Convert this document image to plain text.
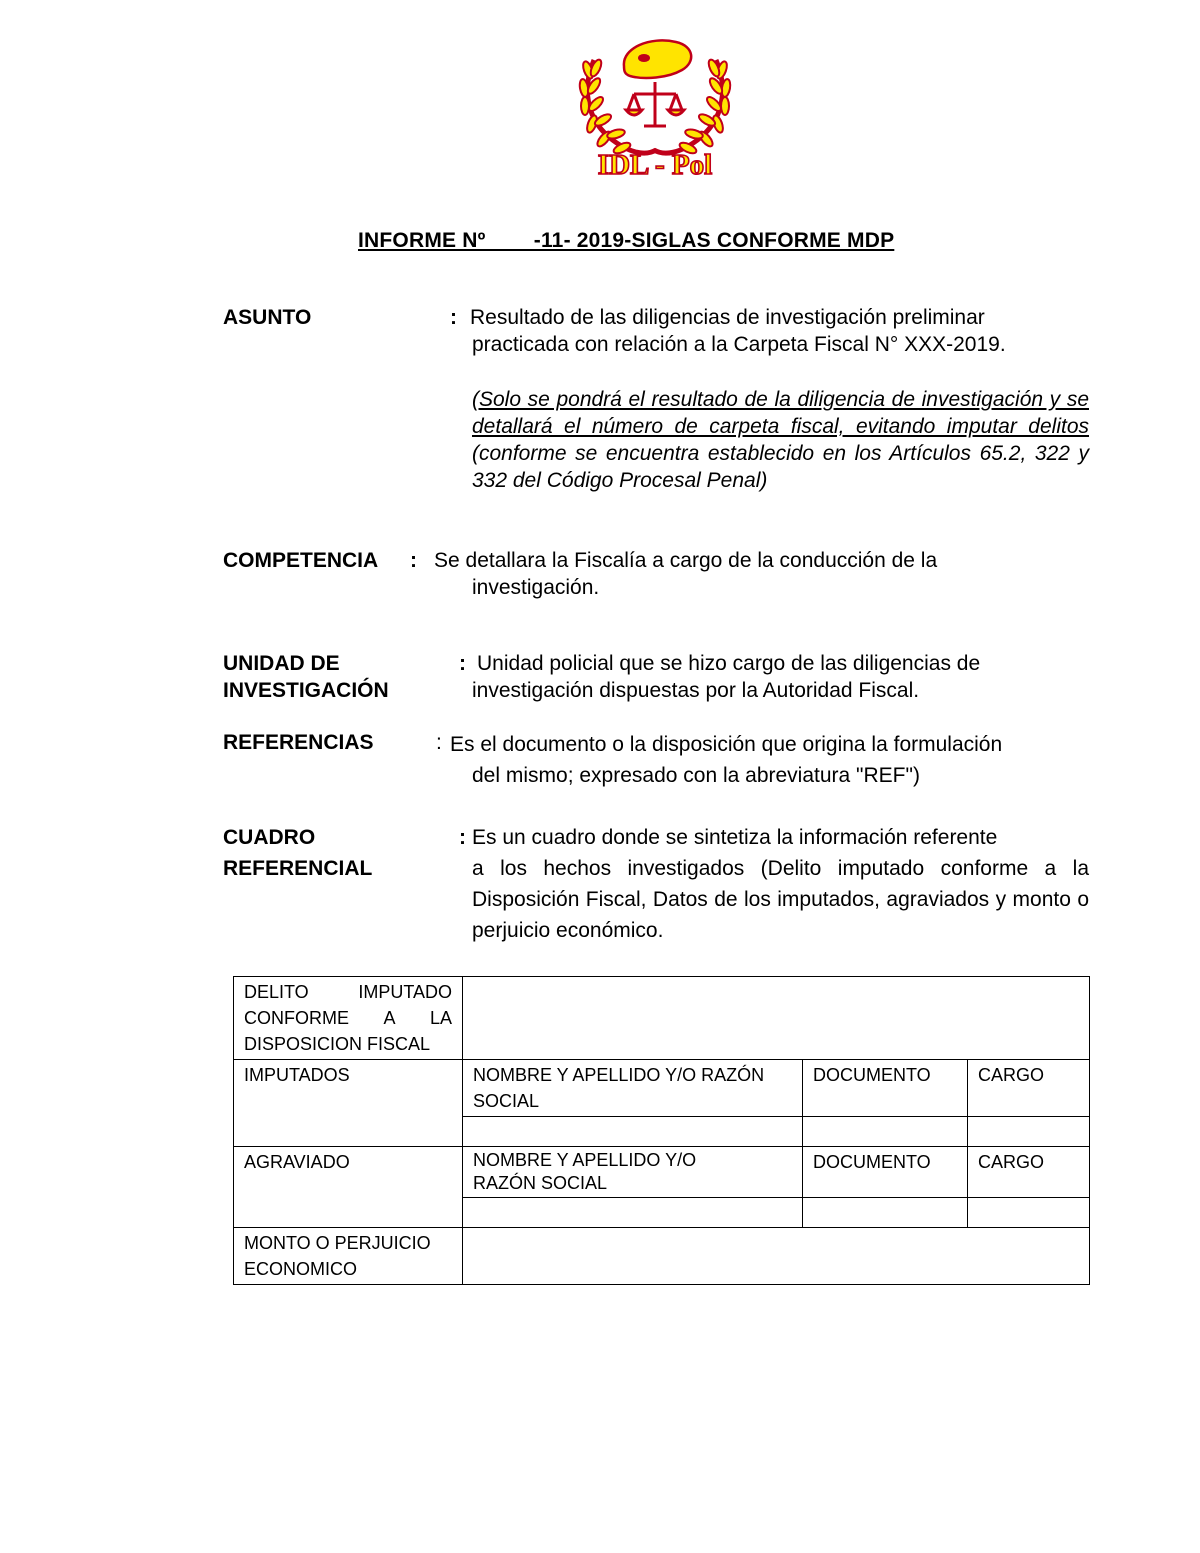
IDL - Pol
INFORME Nº        -11- 2019-SIGLAS CONFORME MDP
ASUNTO	: Resultado de las diligencias de investigación preliminar
practicada con relación a la Carpeta Fiscal N° XXX-2019.
(Solo se pondrá el resultado de la diligencia de investigación y se detallará el número de carpeta fiscal, evitando imputar delitos (conforme se encuentra establecido en los Artículos 65.2, 322 y 332 del Código Procesal Penal)
COMPETENCIA : Se detallara la Fiscalía a cargo de la conducción de la
investigación.
UNIDAD DE
INVESTIGACIÓN
: Unidad policial que se hizo cargo de las diligencias de
investigación dispuestas por la Autoridad Fiscal.
REFERENCIAS	: Es el documento o la disposición que origina la formulación
del mismo; expresado con la abreviatura "REF")
CUADRO
REFERENCIAL
: Es un cuadro donde se sintetiza la información referente
a los hechos investigados (Delito imputado conforme a la Disposición Fiscal, Datos de los imputados, agraviados y monto o perjuicio económico.
DELITO IMPUTADO CONFORME A LA
DISPOSICION FISCAL			

IMPUTADOS	NOMBRE Y APELLIDO Y/O RAZÓN SOCIAL	DOCUMENTO	CARGO

AGRAVIADO	NOMBRE Y APELLIDO Y/O
RAZÓN SOCIAL	DOCUMENTO	CARGO

MONTO O PERJUICIO ECONOMICO			
